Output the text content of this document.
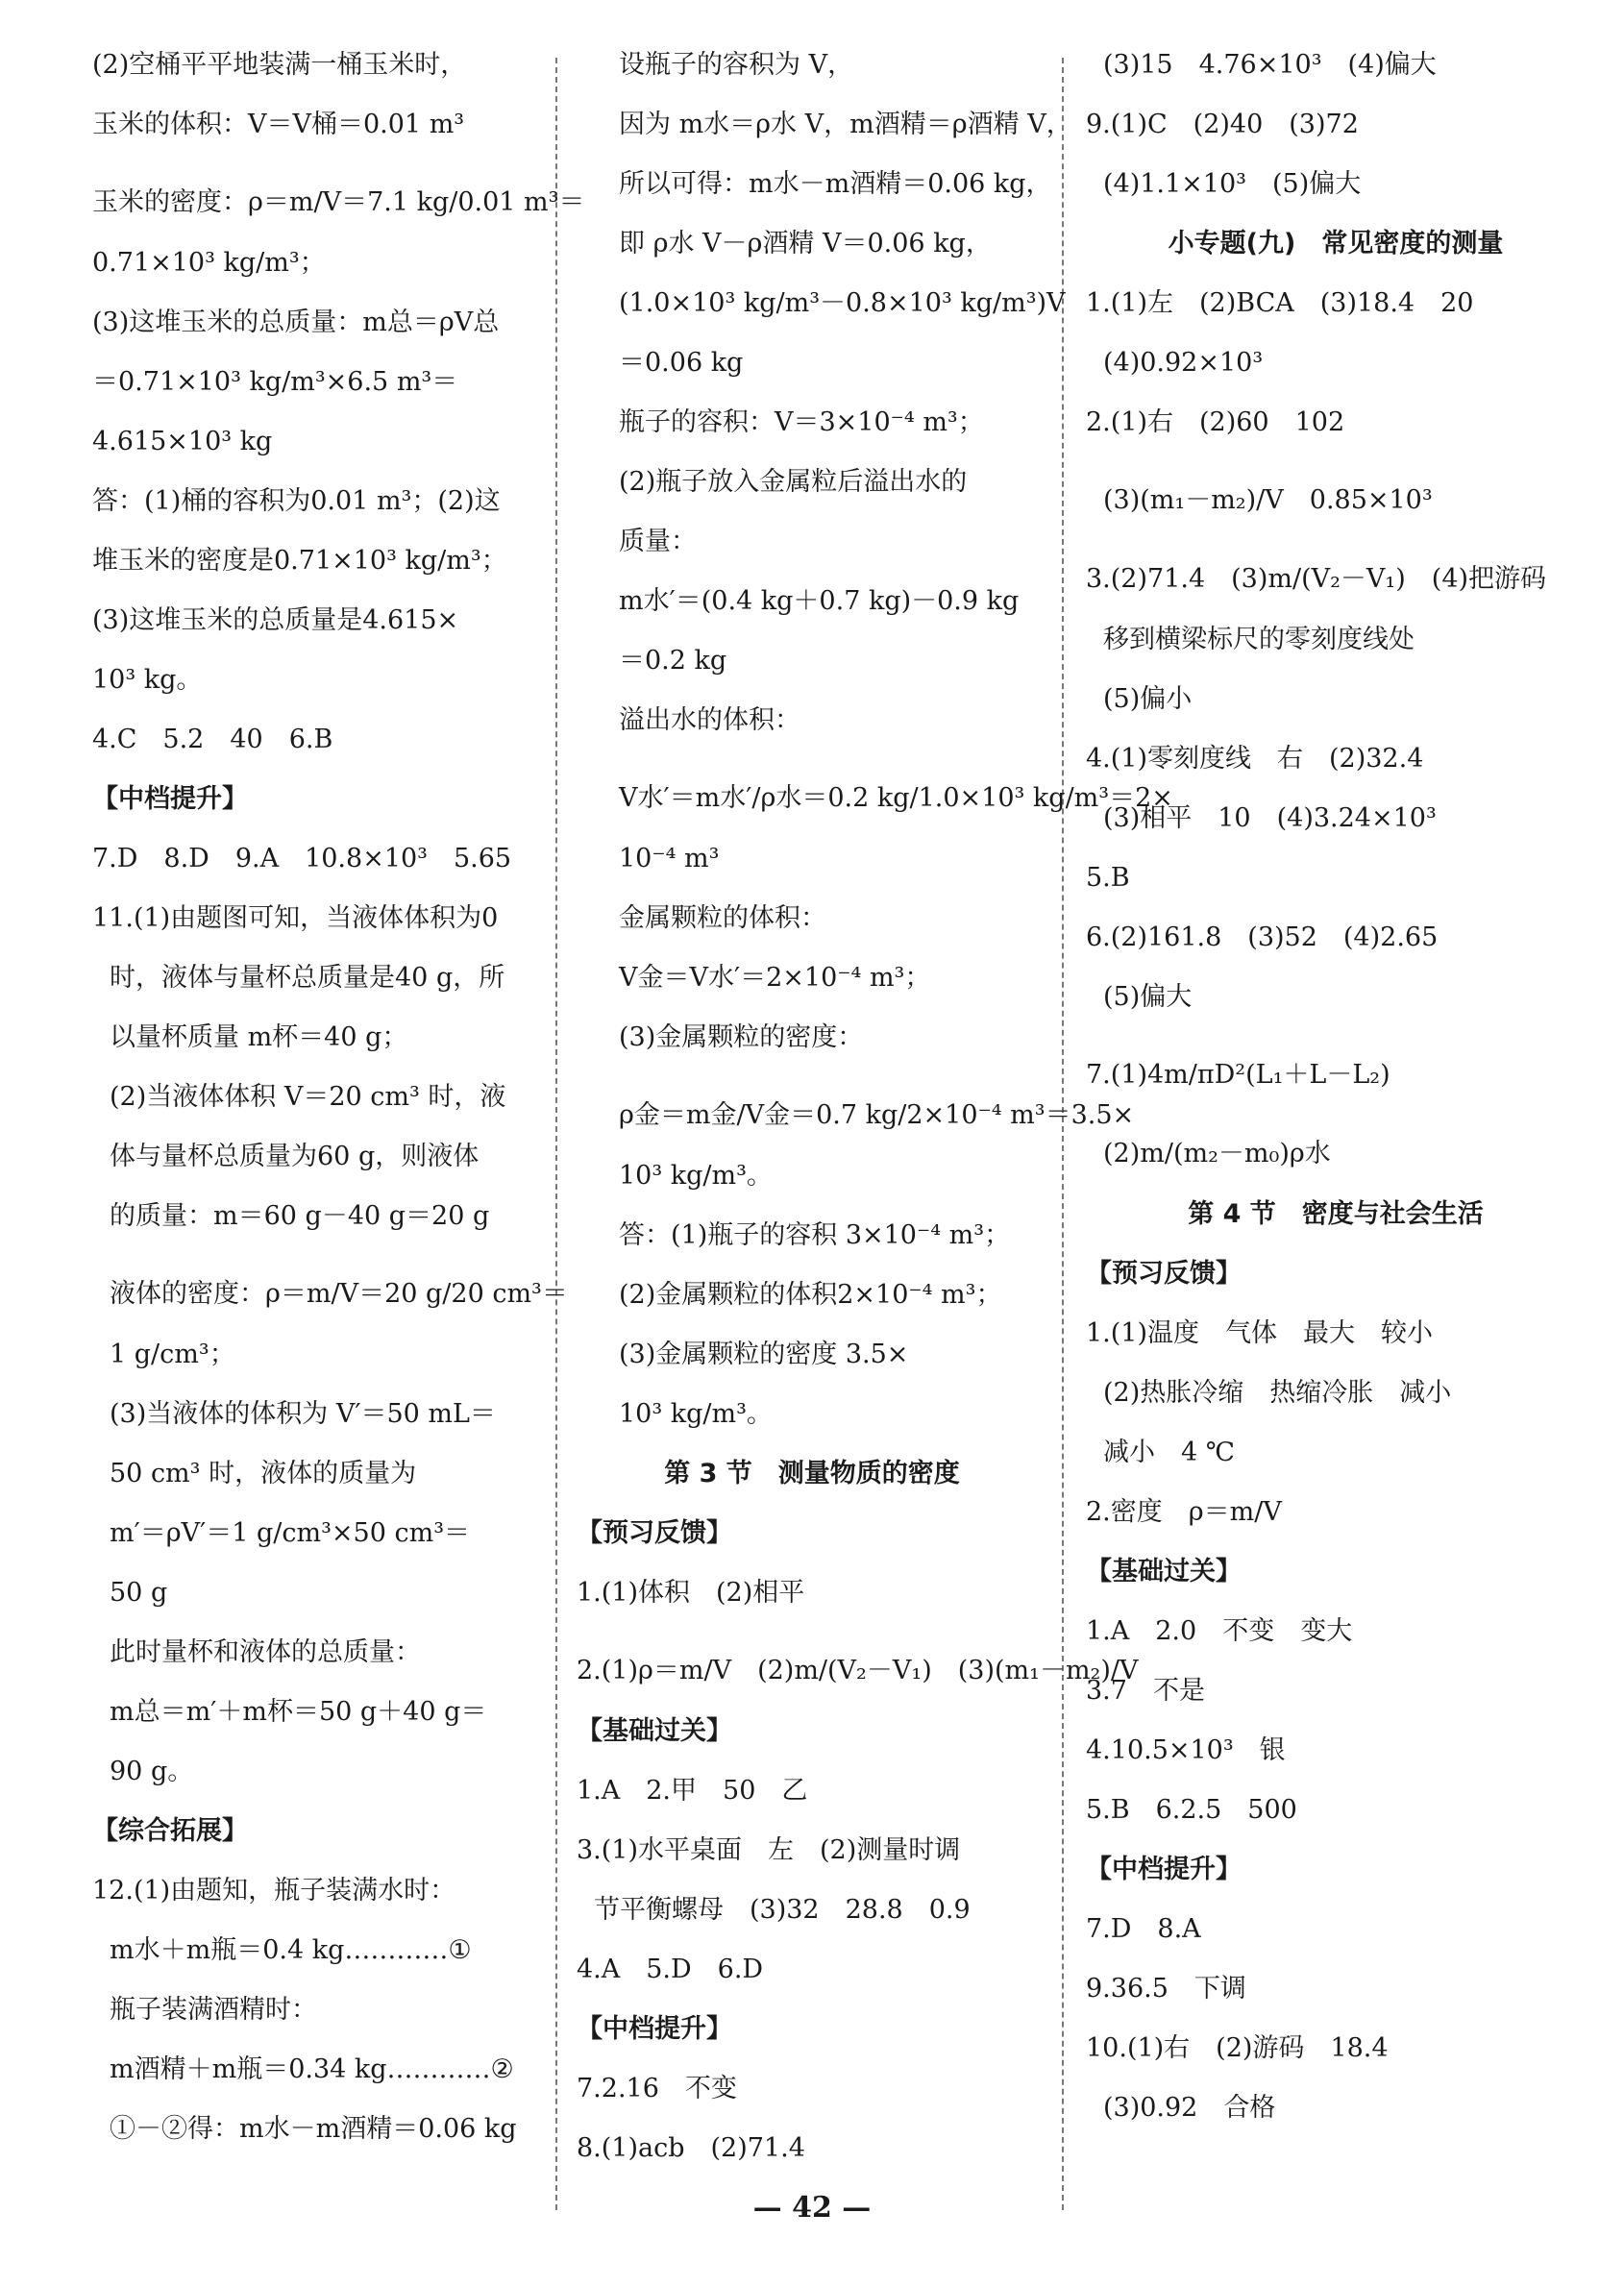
(2)空桶平平地装满一桶玉米时，
玉米的体积：V＝V桶＝0.01 m³
玉米的密度：ρ＝m/V＝7.1 kg/0.01 m³＝
0.71×10³ kg/m³；
(3)这堆玉米的总质量：m总＝ρV总
＝0.71×10³ kg/m³×6.5 m³＝
4.615×10³ kg
答：(1)桶的容积为0.01 m³；(2)这
堆玉米的密度是0.71×10³ kg/m³；
(3)这堆玉米的总质量是4.615×
10³ kg。
4.C　5.2　40　6.B
【中档提升】
7.D　8.D　9.A　10.8×10³　5.65
11.(1)由题图可知，当液体体积为0
时，液体与量杯总质量是40 g，所
以量杯质量 m杯＝40 g；
(2)当液体体积 V＝20 cm³ 时，液
体与量杯总质量为60 g，则液体
的质量：m＝60 g－40 g＝20 g
液体的密度：ρ＝m/V＝20 g/20 cm³＝
1 g/cm³；
(3)当液体的体积为 V′＝50 mL＝
50 cm³ 时，液体的质量为
m′＝ρV′＝1 g/cm³×50 cm³＝
50 g
此时量杯和液体的总质量：
m总＝m′＋m杯＝50 g＋40 g＝
90 g。
【综合拓展】
12.(1)由题知，瓶子装满水时：
m水＋m瓶＝0.4 kg…………①
瓶子装满酒精时：
m酒精＋m瓶＝0.34 kg…………②
①－②得：m水－m酒精＝0.06 kg
设瓶子的容积为 V，
因为 m水＝ρ水 V，m酒精＝ρ酒精 V，
所以可得：m水－m酒精＝0.06 kg，
即 ρ水 V－ρ酒精 V＝0.06 kg，
(1.0×10³ kg/m³－0.8×10³ kg/m³)V
＝0.06 kg
瓶子的容积：V＝3×10⁻⁴ m³；
(2)瓶子放入金属粒后溢出水的
质量：
m水′＝(0.4 kg＋0.7 kg)－0.9 kg
＝0.2 kg
溢出水的体积：
V水′＝m水′/ρ水＝0.2 kg/1.0×10³ kg/m³＝2×
10⁻⁴ m³
金属颗粒的体积：
V金＝V水′＝2×10⁻⁴ m³；
(3)金属颗粒的密度：
ρ金＝m金/V金＝0.7 kg/2×10⁻⁴ m³＝3.5×
10³ kg/m³。
答：(1)瓶子的容积 3×10⁻⁴ m³；
(2)金属颗粒的体积2×10⁻⁴ m³；
(3)金属颗粒的密度 3.5×
10³ kg/m³。
第 3 节　测量物质的密度
【预习反馈】
1.(1)体积　(2)相平
2.(1)ρ＝m/V　(2)m/(V₂－V₁)　(3)(m₁－m₂)/V
【基础过关】
1.A　2.甲　50　乙
3.(1)水平桌面　左　(2)测量时调
节平衡螺母　(3)32　28.8　0.9
4.A　5.D　6.D
【中档提升】
7.2.16　不变
8.(1)acb　(2)71.4
(3)15　4.76×10³　(4)偏大
9.(1)C　(2)40　(3)72
(4)1.1×10³　(5)偏大
小专题(九)　常见密度的测量
1.(1)左　(2)BCA　(3)18.4　20
(4)0.92×10³
2.(1)右　(2)60　102
(3)(m₁－m₂)/V　0.85×10³
3.(2)71.4　(3)m/(V₂－V₁)　(4)把游码
移到横梁标尺的零刻度线处
(5)偏小
4.(1)零刻度线　右　(2)32.4
(3)相平　10　(4)3.24×10³
5.B
6.(2)161.8　(3)52　(4)2.65
(5)偏大
7.(1)4m/πD²(L₁＋L－L₂)
(2)m/(m₂－m₀)ρ水
第 4 节　密度与社会生活
【预习反馈】
1.(1)温度　气体　最大　较小
(2)热胀冷缩　热缩冷胀　减小
减小　4 ℃
2.密度　ρ＝m/V
【基础过关】
1.A　2.0　不变　变大
3.7　不是
4.10.5×10³　银
5.B　6.2.5　500
【中档提升】
7.D　8.A
9.36.5　下调
10.(1)右　(2)游码　18.4
(3)0.92　合格
— 42 —
